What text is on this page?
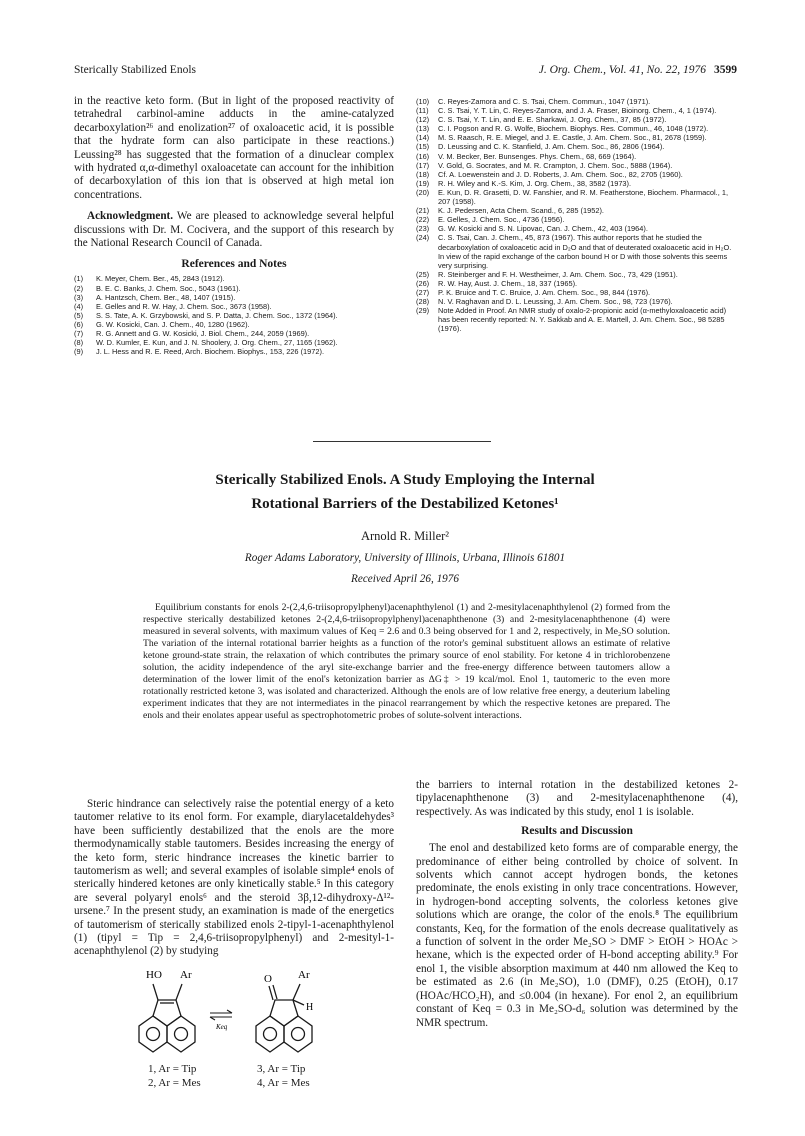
Sterically Stabilized Enols	J. Org. Chem., Vol. 41, No. 22, 1976 3599

in the reactive keto form. (But in light of the proposed reactivity of tetrahedral carbinol-amine adducts in the amine-catalyzed decarboxylation²⁶ and enolization²⁷ of oxaloacetic acid, it is possible that the hydrate form can also participate in these reactions.) Leussing²⁸ has suggested that the formation of a dinuclear complex with hydrated α,α-dimethyl oxaloacetate can account for the inhibition of decarboxylation of this ion that is observed at high metal ion concentrations.

Acknowledgment. We are pleased to acknowledge several helpful discussions with Dr. M. Cocivera, and the support of this research by the National Research Council of Canada.

References and Notes
(1)	K. Meyer, Chem. Ber., 45, 2843 (1912).
(2)	B. E. C. Banks, J. Chem. Soc., 5043 (1961).
(3)	A. Hantzsch, Chem. Ber., 48, 1407 (1915).
(4)	E. Gelles and R. W. Hay, J. Chem. Soc., 3673 (1958).
(5)	S. S. Tate, A. K. Grzybowski, and S. P. Datta, J. Chem. Soc., 1372 (1964).
(6)	G. W. Kosicki, Can. J. Chem., 40, 1280 (1962).
(7)	R. G. Annett and G. W. Kosicki, J. Biol. Chem., 244, 2059 (1969).
(8)	W. D. Kumler, E. Kun, and J. N. Shoolery, J. Org. Chem., 27, 1165 (1962).
(9)	J. L. Hess and R. E. Reed, Arch. Biochem. Biophys., 153, 226 (1972).
(10)	C. Reyes-Zamora and C. S. Tsai, Chem. Commun., 1047 (1971).
(11)	C. S. Tsai, Y. T. Lin, C. Reyes-Zamora, and J. A. Fraser, Bioinorg. Chem., 4, 1 (1974).
(12)	C. S. Tsai, Y. T. Lin, and E. E. Sharkawi, J. Org. Chem., 37, 85 (1972).
(13)	C. I. Pogson and R. G. Wolfe, Biochem. Biophys. Res. Commun., 46, 1048 (1972).
(14)	M. S. Raasch, R. E. Miegel, and J. E. Castle, J. Am. Chem. Soc., 81, 2678 (1959).
(15)	D. Leussing and C. K. Stanfield, J. Am. Chem. Soc., 86, 2806 (1964).
(16)	V. M. Becker, Ber. Bunsenges. Phys. Chem., 68, 669 (1964).
(17)	V. Gold, G. Socrates, and M. R. Crampton, J. Chem. Soc., 5888 (1964).
(18)	Cf. A. Loewenstein and J. D. Roberts, J. Am. Chem. Soc., 82, 2705 (1960).
(19)	R. H. Wiley and K.-S. Kim, J. Org. Chem., 38, 3582 (1973).
(20)	E. Kun, D. R. Grasetti, D. W. Fanshier, and R. M. Featherstone, Biochem. Pharmacol., 1, 207 (1958).
(21)	K. J. Pedersen, Acta Chem. Scand., 6, 285 (1952).
(22)	E. Gelles, J. Chem. Soc., 4736 (1956).
(23)	G. W. Kosicki and S. N. Lipovac, Can. J. Chem., 42, 403 (1964).
(24)	C. S. Tsai, Can. J. Chem., 45, 873 (1967). This author reports that he studied the decarboxylation of oxaloacetic acid in D₂O and that of deuterated oxaloacetic acid in H₂O. In view of the rapid exchange of the carbon bound H or D with those solvents this seems very surprising.
(25)	R. Steinberger and F. H. Westheimer, J. Am. Chem. Soc., 73, 429 (1951).
(26)	R. W. Hay, Aust. J. Chem., 18, 337 (1965).
(27)	P. K. Bruice and T. C. Bruice, J. Am. Chem. Soc., 98, 844 (1976).
(28)	N. V. Raghavan and D. L. Leussing, J. Am. Chem. Soc., 98, 723 (1976).
(29)	Note Added in Proof. An NMR study of oxalo-2-propionic acid (α-methyloxaloacetic acid) has been recently reported: N. Y. Sakkab and A. E. Martell, J. Am. Chem. Soc., 98 5285 (1976).
Sterically Stabilized Enols. A Study Employing the Internal
Rotational Barriers of the Destabilized Ketones¹
Arnold R. Miller²
Roger Adams Laboratory, University of Illinois, Urbana, Illinois 61801
Received April 26, 1976

Equilibrium constants for enols 2-(2,4,6-triisopropylphenyl)acenaphthylenol (1) and 2-mesitylacenaphthylenol (2) formed from the respective sterically destabilized ketones 2-(2,4,6-triisopropylphenyl)acenaphthenone (3) and 2-mesitylacenaphthenone (4) were measured in several solvents, with maximum values of Keq = 2.6 and 0.3 being observed for 1 and 2, respectively, in Me₂SO solution. The variation of the internal rotational barrier heights as a function of the rotor's geminal substituent allows an estimate of relative ketone ground-state strain, the relaxation of which contributes the primary source of enol stability. For ketone 4 in trichlorobenzene solution, the acidity independence of the aryl site-exchange barrier and the free-energy difference between tautomers allow a determination of the lower limit of the enol's ketonization barrier as ΔG‡ > 19 kcal/mol. Enol 1, tautomeric to the even more rotationally restricted ketone 3, was isolated and characterized. Although the enols are of low relative free energy, a deuterium labeling experiment indicates that they are not intermediates in the pinacol rearrangement by which the respective ketones are prepared. The enols and their enolates appear useful as spectrophotometric probes of solute-solvent interactions.

Steric hindrance can selectively raise the potential energy of a keto tautomer relative to its enol form. For example, diarylacetaldehydes³ have been sufficiently destabilized that the enols are the more thermodynamically stable tautomers. Besides increasing the energy of the keto form, steric hindrance increases the kinetic barrier to tautomerism as well; and several examples of isolable simple⁴ enols of sterically hindered ketones are only kinetically stable.⁵ In this category are several polyaryl enols⁶ and the steroid 3β,12-dihydroxy-Δ¹²-ursene.⁷ In the present study, an examination is made of the energetics of tautomerism of sterically stabilized enols 2-tipyl-1-acenaphthylenol (1) (tipyl = Tip = 2,4,6-triisopropylphenyl) and 2-mesityl-1-acenaphthylenol (2) by studying

the barriers to internal rotation in the destabilized ketones 2-tipylacenaphthenone (3) and 2-mesitylacenaphthenone (4), respectively. As was indicated by this study, enol 1 is isolable.

Results and Discussion

The enol and destabilized keto forms are of comparable energy, the predominance of either being controlled by choice of solvent. In solvents which cannot accept hydrogen bonds, the ketones predominate, the enols existing in only trace concentrations. However, in hydrogen-bond accepting solvents, the colorless ketones give solutions which are orange, the color of the enols.⁸ The equilibrium constants, Keq, for the formation of the enols decrease qualitatively as a function of solvent in the order Me₂SO > DMF > EtOH > HOAc > hexane, which is the expected order of H-bond accepting ability.⁹ For enol 1, the visible absorption maximum at 440 nm allowed the Keq to be estimated as 2.6 (in Me₂SO), 1.0 (DMF), 0.25 (EtOH), 0.17 (HOAc/HCO₂H), and ≤0.004 (in hexane). For enol 2, an equilibrium constant of Keq = 0.3 in Me₂SO-d₆ solution was determined by the NMR spectrum.

HO Ar
Keq
O Ar
H
1, Ar = Tip
2, Ar = Mes
3, Ar = Tip
4, Ar = Mes
